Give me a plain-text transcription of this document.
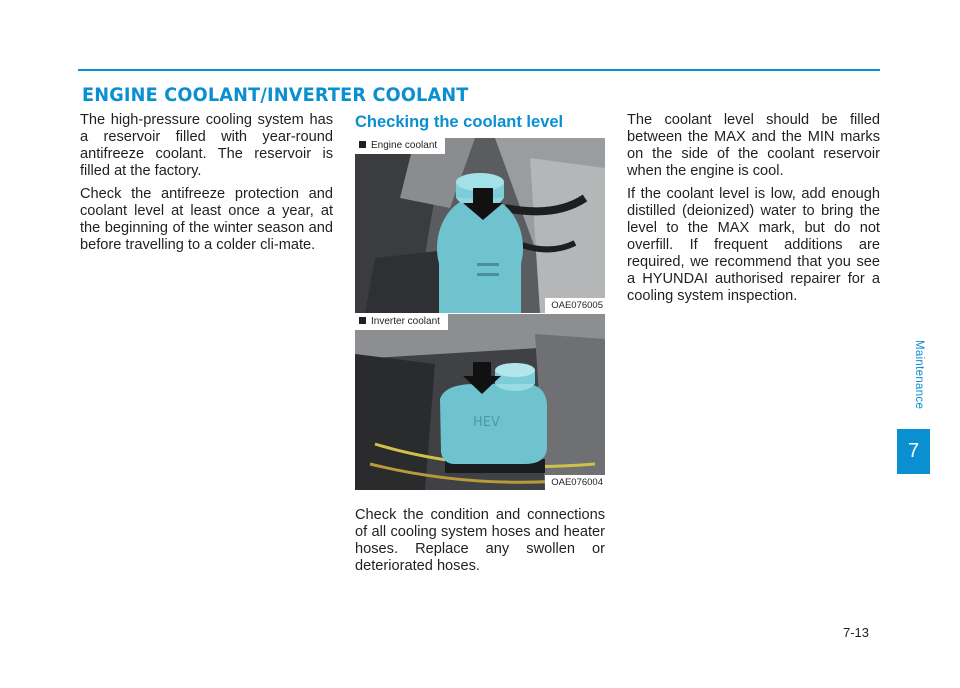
ENGINE COOLANT/INVERTER COOLANT

The high-pressure cooling system has a reservoir filled with year-round antifreeze coolant. The reservoir is filled at the factory.

Check the antifreeze protection and coolant level at least once a year, at the beginning of the winter season and before travelling to a colder cli-mate.

Checking the coolant level
Engine coolant
OAE076005
HEV
Inverter coolant
OAE076004

Check the condition and connections of all cooling system hoses and heater hoses. Replace any swollen or deteriorated hoses.

The coolant level should be filled between the MAX and the MIN marks on the side of the coolant reservoir when the engine is cool.

If the coolant level is low, add enough distilled (deionized) water to bring the level to the MAX mark, but do not overfill. If frequent additions are required, we recommend that you see a HYUNDAI authorised repairer for a cooling system inspection.

Maintenance
7
7-13
